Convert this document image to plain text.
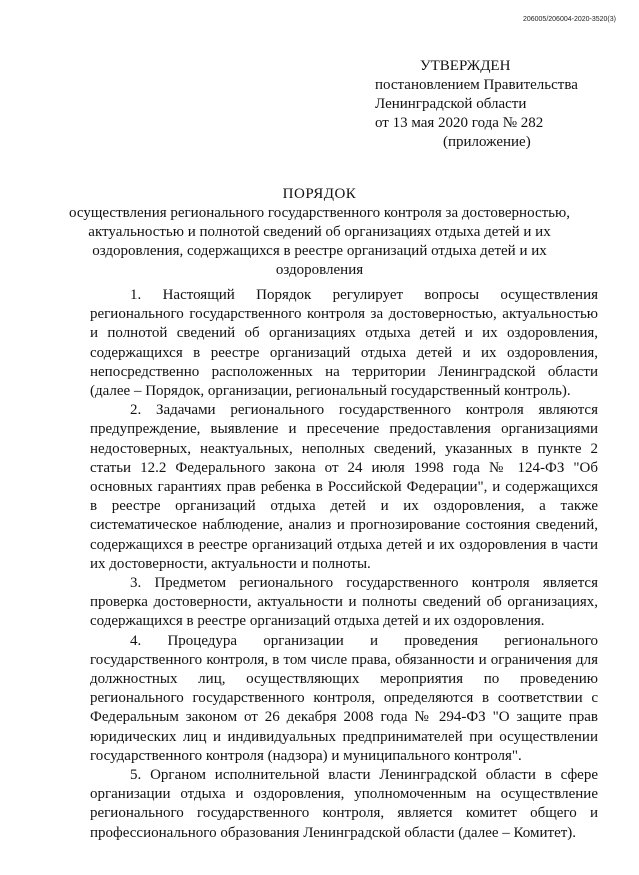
206005/206004-2020-3520(3)
УТВЕРЖДЕН
постановлением Правительства
Ленинградской области
от 13 мая 2020 года № 282
(приложение)
ПОРЯДОК
осуществления регионального государственного контроля за достоверностью, актуальностью и полнотой сведений об организациях отдыха детей и их оздоровления, содержащихся в реестре организаций отдыха детей и их оздоровления

1. Настоящий Порядок регулирует вопросы осуществления регионального государственного контроля за достоверностью, актуальностью и полнотой сведений об организациях отдыха детей и их оздоровления, содержащихся в реестре организаций отдыха детей и их оздоровления, непосредственно расположенных на территории Ленинградской области (далее – Порядок, организации, региональный государственный контроль).

2. Задачами регионального государственного контроля являются предупреждение, выявление и пресечение предоставления организациями недостоверных, неактуальных, неполных сведений, указанных в пункте 2 статьи 12.2 Федерального закона от 24 июля 1998 года № 124-ФЗ "Об основных гарантиях прав ребенка в Российской Федерации", и содержащихся в реестре организаций отдыха детей и их оздоровления, а также систематическое наблюдение, анализ и прогнозирование состояния сведений, содержащихся в реестре организаций отдыха детей и их оздоровления в части их достоверности, актуальности и полноты.

3. Предметом регионального государственного контроля является проверка достоверности, актуальности и полноты сведений об организациях, содержащихся в реестре организаций отдыха детей и их оздоровления.

4. Процедура организации и проведения регионального государственного контроля, в том числе права, обязанности и ограничения для должностных лиц, осуществляющих мероприятия по проведению регионального государственного контроля, определяются в соответствии с Федеральным законом от 26 декабря 2008 года № 294-ФЗ "О защите прав юридических лиц и индивидуальных предпринимателей при осуществлении государственного контроля (надзора) и муниципального контроля".

5. Органом исполнительной власти Ленинградской области в сфере организации отдыха и оздоровления, уполномоченным на осуществление регионального государственного контроля, является комитет общего и профессионального образования Ленинградской области (далее – Комитет).
